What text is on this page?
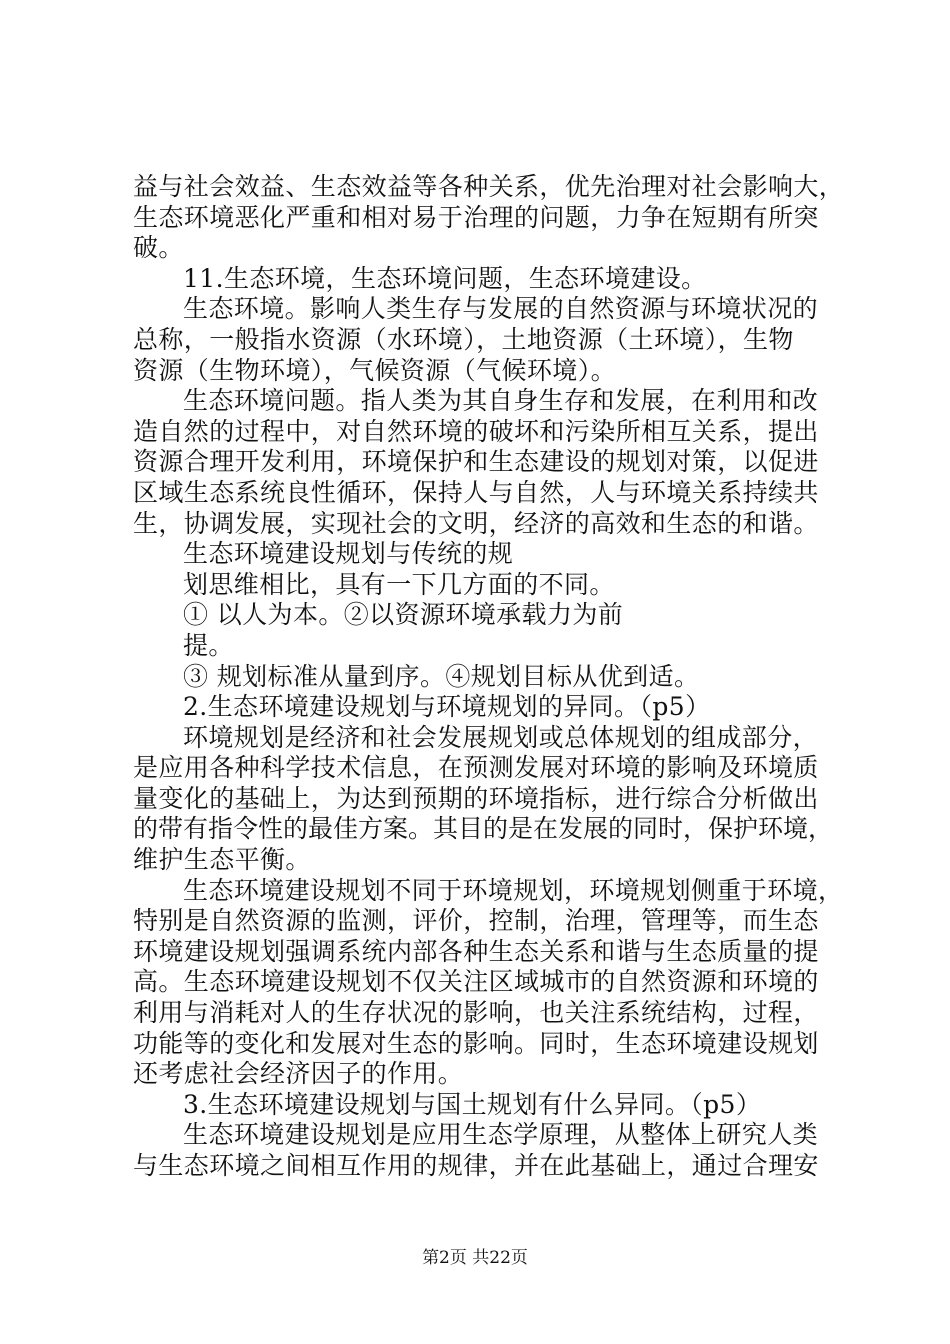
益与社会效益、生态效益等各种关系，优先治理对社会影响大，
生态环境恶化严重和相对易于治理的问题，力争在短期有所突
破。
11.生态环境，生态环境问题，生态环境建设。
生态环境。影响人类生存与发展的自然资源与环境状况的
总称，一般指水资源（水环境），土地资源（土环境），生物
资源（生物环境），气候资源（气候环境）。
生态环境问题。指人类为其自身生存和发展，在利用和改
造自然的过程中，对自然环境的破坏和污染所相互关系，提出
资源合理开发利用，环境保护和生态建设的规划对策，以促进
区域生态系统良性循环，保持人与自然，人与环境关系持续共
生，协调发展，实现社会的文明，经济的高效和生态的和谐。
生态环境建设规划与传统的规
划思维相比，具有一下几方面的不同。
① 以人为本。②以资源环境承载力为前
提。
③ 规划标准从量到序。④规划目标从优到适。
2.生态环境建设规划与环境规划的异同。（p5）
环境规划是经济和社会发展规划或总体规划的组成部分，
是应用各种科学技术信息，在预测发展对环境的影响及环境质
量变化的基础上，为达到预期的环境指标，进行综合分析做出
的带有指令性的最佳方案。其目的是在发展的同时，保护环境，
维护生态平衡。
生态环境建设规划不同于环境规划，环境规划侧重于环境，
特别是自然资源的监测，评价，控制，治理，管理等，而生态
环境建设规划强调系统内部各种生态关系和谐与生态质量的提
高。生态环境建设规划不仅关注区域城市的自然资源和环境的
利用与消耗对人的生存状况的影响，也关注系统结构，过程，
功能等的变化和发展对生态的影响。同时，生态环境建设规划
还考虑社会经济因子的作用。
3.生态环境建设规划与国土规划有什么异同。（p5）
生态环境建设规划是应用生态学原理，从整体上研究人类
与生态环境之间相互作用的规律，并在此基础上，通过合理安
第2页 共22页
